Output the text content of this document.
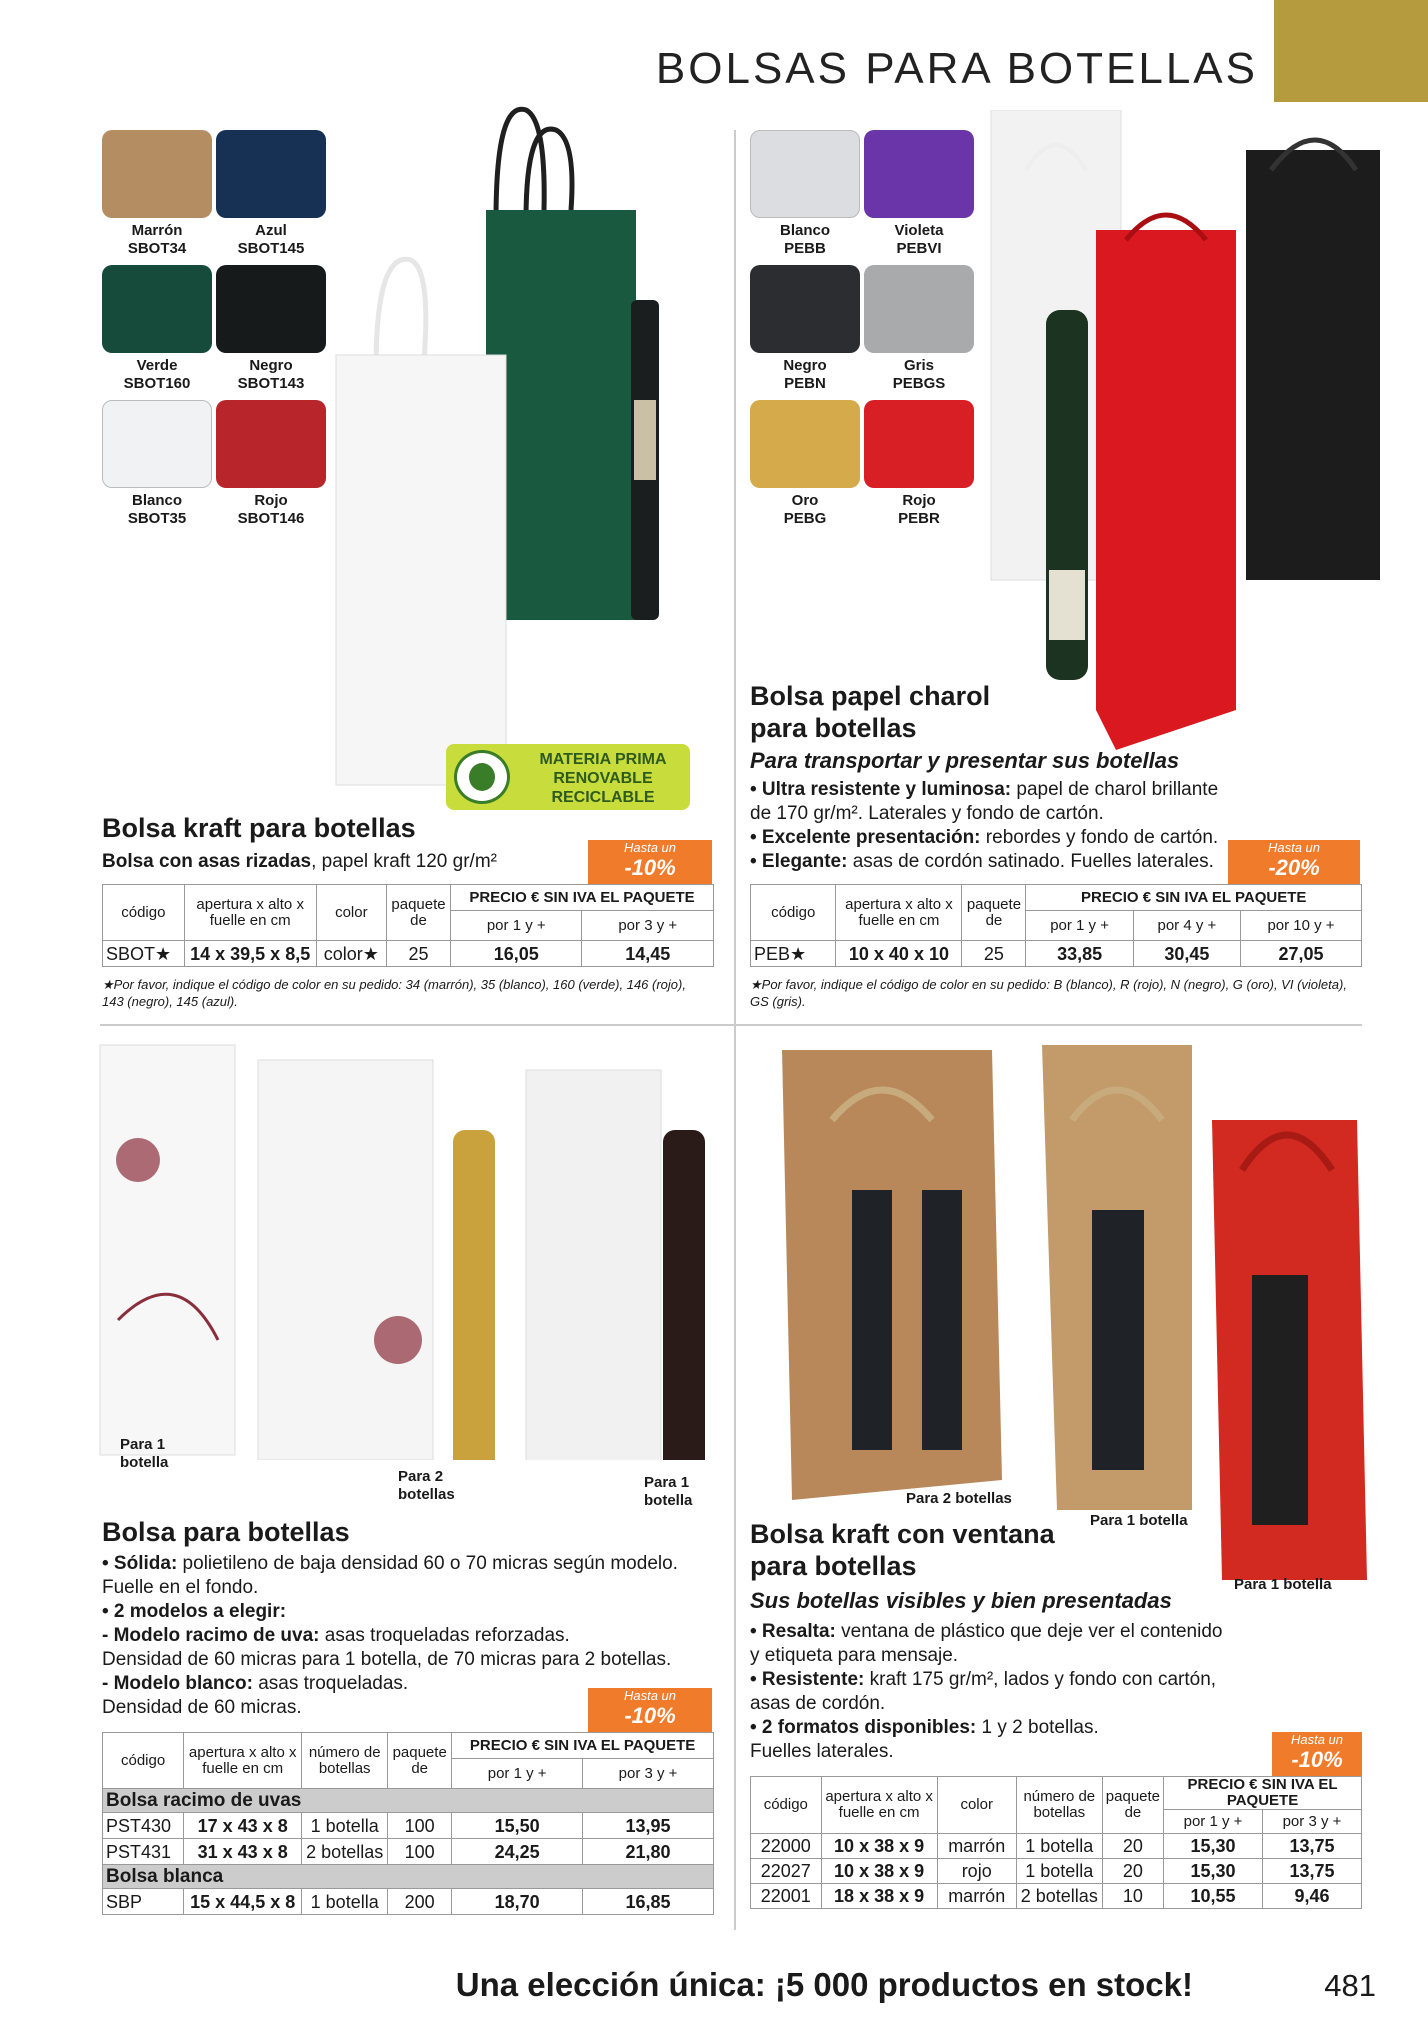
BOLSAS PARA BOTELLAS
Marrón
SBOT34
Azul
SBOT145
Verde
SBOT160
Negro
SBOT143
Blanco
SBOT35
Rojo
SBOT146
MATERIA PRIMA
RENOVABLE
RECICLABLE
Bolsa kraft para botellas
Bolsa con asas rizadas, papel kraft 120 gr/m²
Hasta un
-10%
código	apertura x alto x fuelle en cm	color	paquete de	PRECIO € SIN IVA EL PAQUETE	
				por 1 y +	por 3 y +
SBOT★	14 x 39,5 x 8,5	color★	25	16,05	14,45
★Por favor, indique el código de color en su pedido: 34 (marrón), 35 (blanco), 160 (verde), 146 (rojo), 143 (negro), 145 (azul).
Blanco
PEBB
Violeta
PEBVI
Negro
PEBN
Gris
PEBGS
Oro
PEBG
Rojo
PEBR
Bolsa papel charol para botellas
Para transportar y presentar sus botellas
• Ultra resistente y luminosa: papel de charol brillante de 170 gr/m². Laterales y fondo de cartón.
• Excelente presentación: rebordes y fondo de cartón.
• Elegante: asas de cordón satinado. Fuelles laterales.
Hasta un
-20%
código	apertura x alto x fuelle en cm	paquete de	PRECIO € SIN IVA EL PAQUETE		
			por 1 y +	por 4 y +	por 10 y +
PEB★	10 x 40 x 10	25	33,85	30,45	27,05
★Por favor, indique el código de color en su pedido: B (blanco), R (rojo), N (negro), G (oro), VI (violeta), GS (gris).
Para 1 botella
Para 2 botellas
Para 1 botella
Bolsa para botellas
• Sólida: polietileno de baja densidad 60 o 70 micras según modelo.
Fuelle en el fondo.
• 2 modelos a elegir:
- Modelo racimo de uva: asas troqueladas reforzadas.
Densidad de 60 micras para 1 botella, de 70 micras para 2 botellas.
- Modelo blanco: asas troqueladas.
Densidad de 60 micras.
Hasta un
-10%
código	apertura x alto x fuelle en cm	número de botellas	paquete de	PRECIO € SIN IVA EL PAQUETE	
				por 1 y +	por 3 y +
Bolsa racimo de uvas					
PST430	17 x 43 x 8	1 botella	100	15,50	13,95
PST431	31 x 43 x 8	2 botellas	100	24,25	21,80
Bolsa blanca					
SBP	15 x 44,5 x 8	1 botella	200	18,70	16,85
Para 2 botellas
Para 1 botella
Para 1 botella
Bolsa kraft con ventana para botellas
Sus botellas visibles y bien presentadas
• Resalta: ventana de plástico que deje ver el contenido
y etiqueta para mensaje.
• Resistente: kraft 175 gr/m², lados y fondo con cartón,
asas de cordón.
• 2 formatos disponibles: 1 y 2 botellas.
Fuelles laterales.
Hasta un
-10%
código	apertura x alto x fuelle en cm	color	número de botellas	paquete de	PRECIO € SIN IVA EL PAQUETE	
					por 1 y +	por 3 y +
22000	10 x 38 x 9	marrón	1 botella	20	15,30	13,75
22027	10 x 38 x 9	rojo	1 botella	20	15,30	13,75
22001	18 x 38 x 9	marrón	2 botellas	10	10,55	9,46
Una elección única: ¡5 000 productos en stock!	481
